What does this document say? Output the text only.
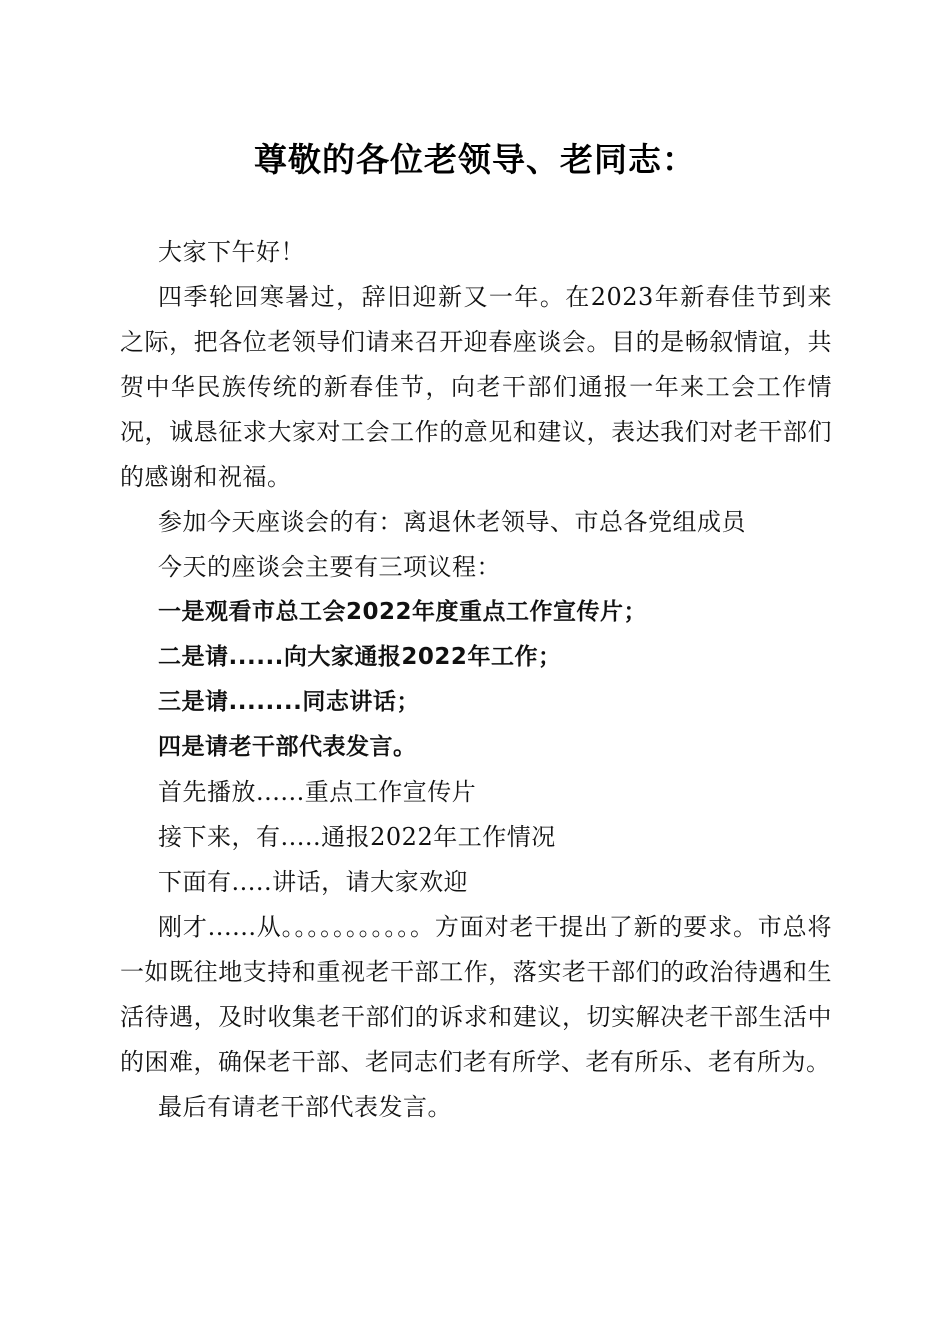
尊敬的各位老领导、老同志：

大家下午好！

四季轮回寒暑过，辞旧迎新又一年。在2023年新春佳节到来之际，把各位老领导们请来召开迎春座谈会。目的是畅叙情谊，共贺中华民族传统的新春佳节，向老干部们通报一年来工会工作情况，诚恳征求大家对工会工作的意见和建议，表达我们对老干部们的感谢和祝福。

参加今天座谈会的有：离退休老领导、市总各党组成员

今天的座谈会主要有三项议程：

一是观看市总工会2022年度重点工作宣传片；

二是请......向大家通报2022年工作；

三是请........同志讲话；

四是请老干部代表发言。

首先播放......重点工作宣传片

接下来，有.....通报2022年工作情况

下面有.....讲话，请大家欢迎

刚才......从。。。。。。。。。。。方面对老干提出了新的要求。市总将一如既往地支持和重视老干部工作，落实老干部们的政治待遇和生活待遇，及时收集老干部们的诉求和建议，切实解决老干部生活中的困难，确保老干部、老同志们老有所学、老有所乐、老有所为。

最后有请老干部代表发言。
